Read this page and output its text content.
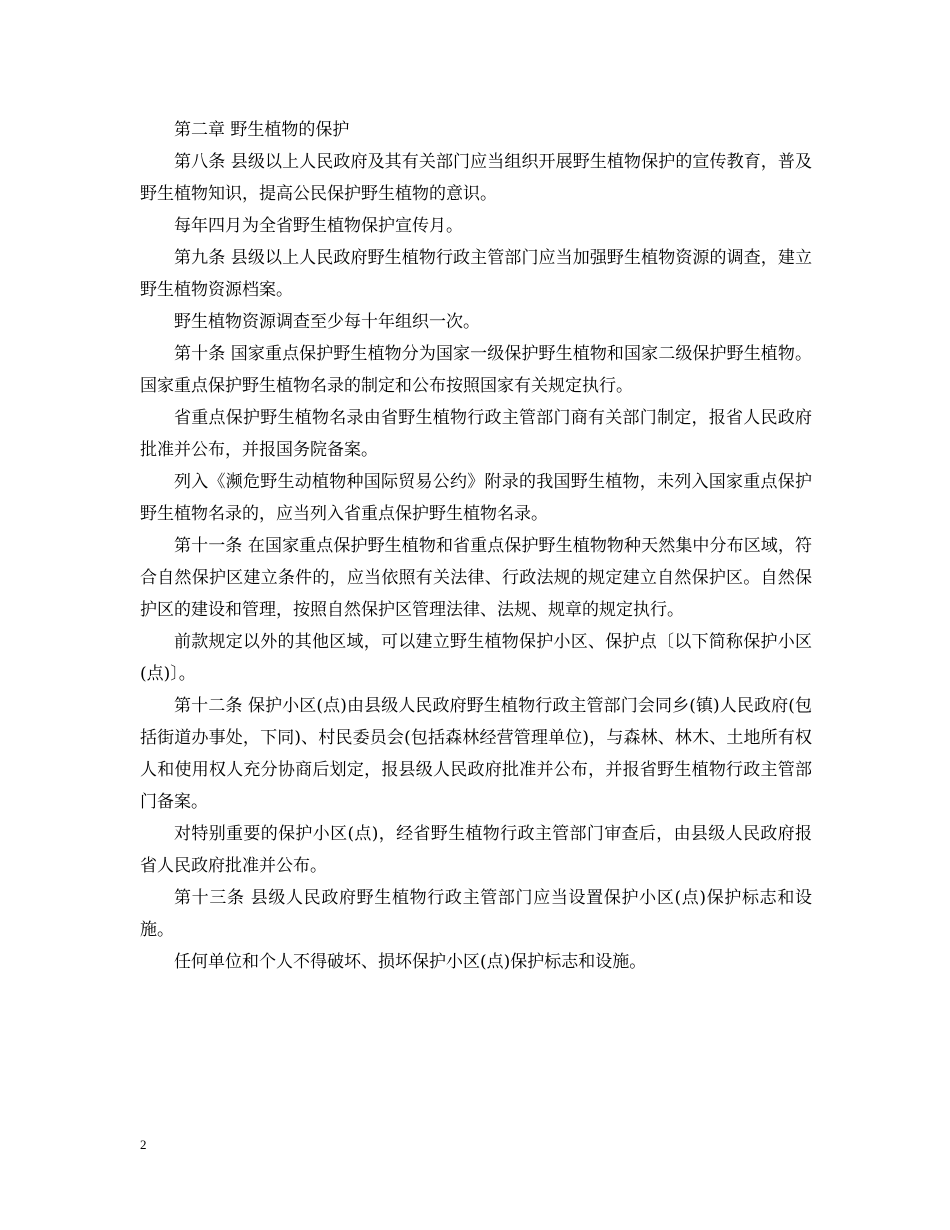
第二章 野生植物的保护

第八条 县级以上人民政府及其有关部门应当组织开展野生植物保护的宣传教育，普及野生植物知识，提高公民保护野生植物的意识。

每年四月为全省野生植物保护宣传月。

第九条 县级以上人民政府野生植物行政主管部门应当加强野生植物资源的调查，建立野生植物资源档案。

野生植物资源调查至少每十年组织一次。

第十条 国家重点保护野生植物分为国家一级保护野生植物和国家二级保护野生植物。国家重点保护野生植物名录的制定和公布按照国家有关规定执行。

省重点保护野生植物名录由省野生植物行政主管部门商有关部门制定，报省人民政府批准并公布，并报国务院备案。

列入《濒危野生动植物种国际贸易公约》附录的我国野生植物，未列入国家重点保护野生植物名录的，应当列入省重点保护野生植物名录。

第十一条 在国家重点保护野生植物和省重点保护野生植物物种天然集中分布区域，符合自然保护区建立条件的，应当依照有关法律、行政法规的规定建立自然保护区。自然保护区的建设和管理，按照自然保护区管理法律、法规、规章的规定执行。

前款规定以外的其他区域，可以建立野生植物保护小区、保护点〔以下简称保护小区(点)〕。

第十二条 保护小区(点)由县级人民政府野生植物行政主管部门会同乡(镇)人民政府(包括街道办事处，下同)、村民委员会(包括森林经营管理单位)，与森林、林木、土地所有权人和使用权人充分协商后划定，报县级人民政府批准并公布，并报省野生植物行政主管部门备案。

对特别重要的保护小区(点)，经省野生植物行政主管部门审查后，由县级人民政府报省人民政府批准并公布。

第十三条 县级人民政府野生植物行政主管部门应当设置保护小区(点)保护标志和设施。

任何单位和个人不得破坏、损坏保护小区(点)保护标志和设施。

2
